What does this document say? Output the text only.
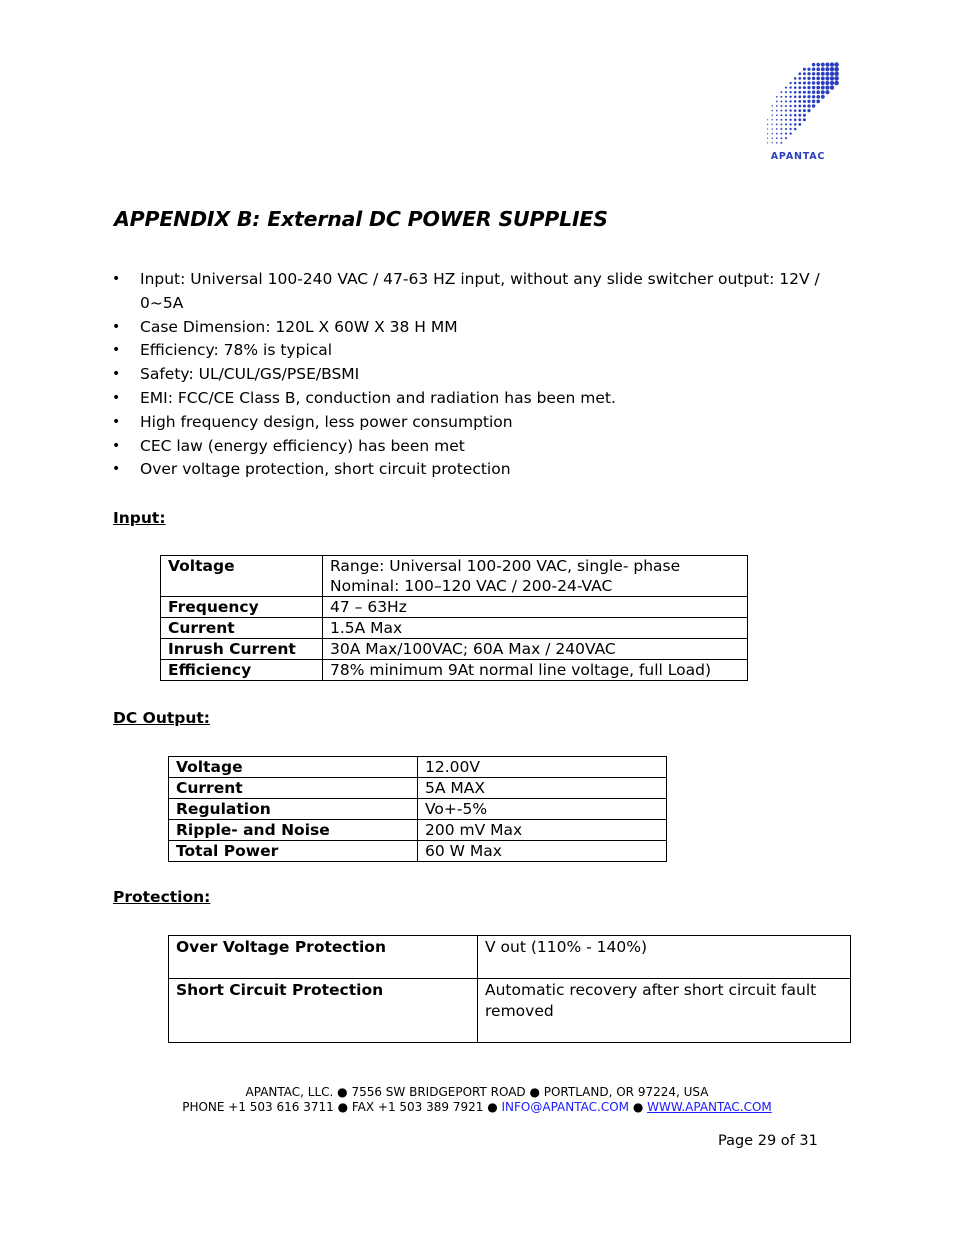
APANTAC
APPENDIX B: External DC POWER SUPPLIES
• Input: Universal 100-240 VAC / 47-63 HZ input, without any slide switcher output: 12V / 0~5A
• Case Dimension: 120L X 60W X 38 H MM
• Efficiency: 78% is typical
• Safety: UL/CUL/GS/PSE/BSMI
• EMI: FCC/CE Class B, conduction and radiation has been met.
• High frequency design, less power consumption
• CEC law (energy efficiency) has been met
• Over voltage protection, short circuit protection
Input:
Voltage	Range: Universal 100-200 VAC, single- phase
Nominal: 100–120 VAC / 200-24-VAC

Frequency	47 – 63Hz
Current	1.5A Max
Inrush Current	30A Max/100VAC; 60A Max / 240VAC
Efficiency	78% minimum 9At normal line voltage, full Load)
DC Output:
Voltage	12.00V
Current	5A MAX
Regulation	Vo+-5%
Ripple- and Noise	200 mV Max
Total Power	60 W Max
Protection:
Over Voltage Protection	V out (110% - 140%)
Short Circuit Protection	Automatic recovery after short circuit fault removed
APANTAC, LLC. ● 7556 SW BRIDGEPORT ROAD ● PORTLAND, OR 97224, USA
PHONE +1 503 616 3711 ● FAX +1 503 389 7921 ● INFO@APANTAC.COM ● WWW.APANTAC.COM
Page 29 of 31
